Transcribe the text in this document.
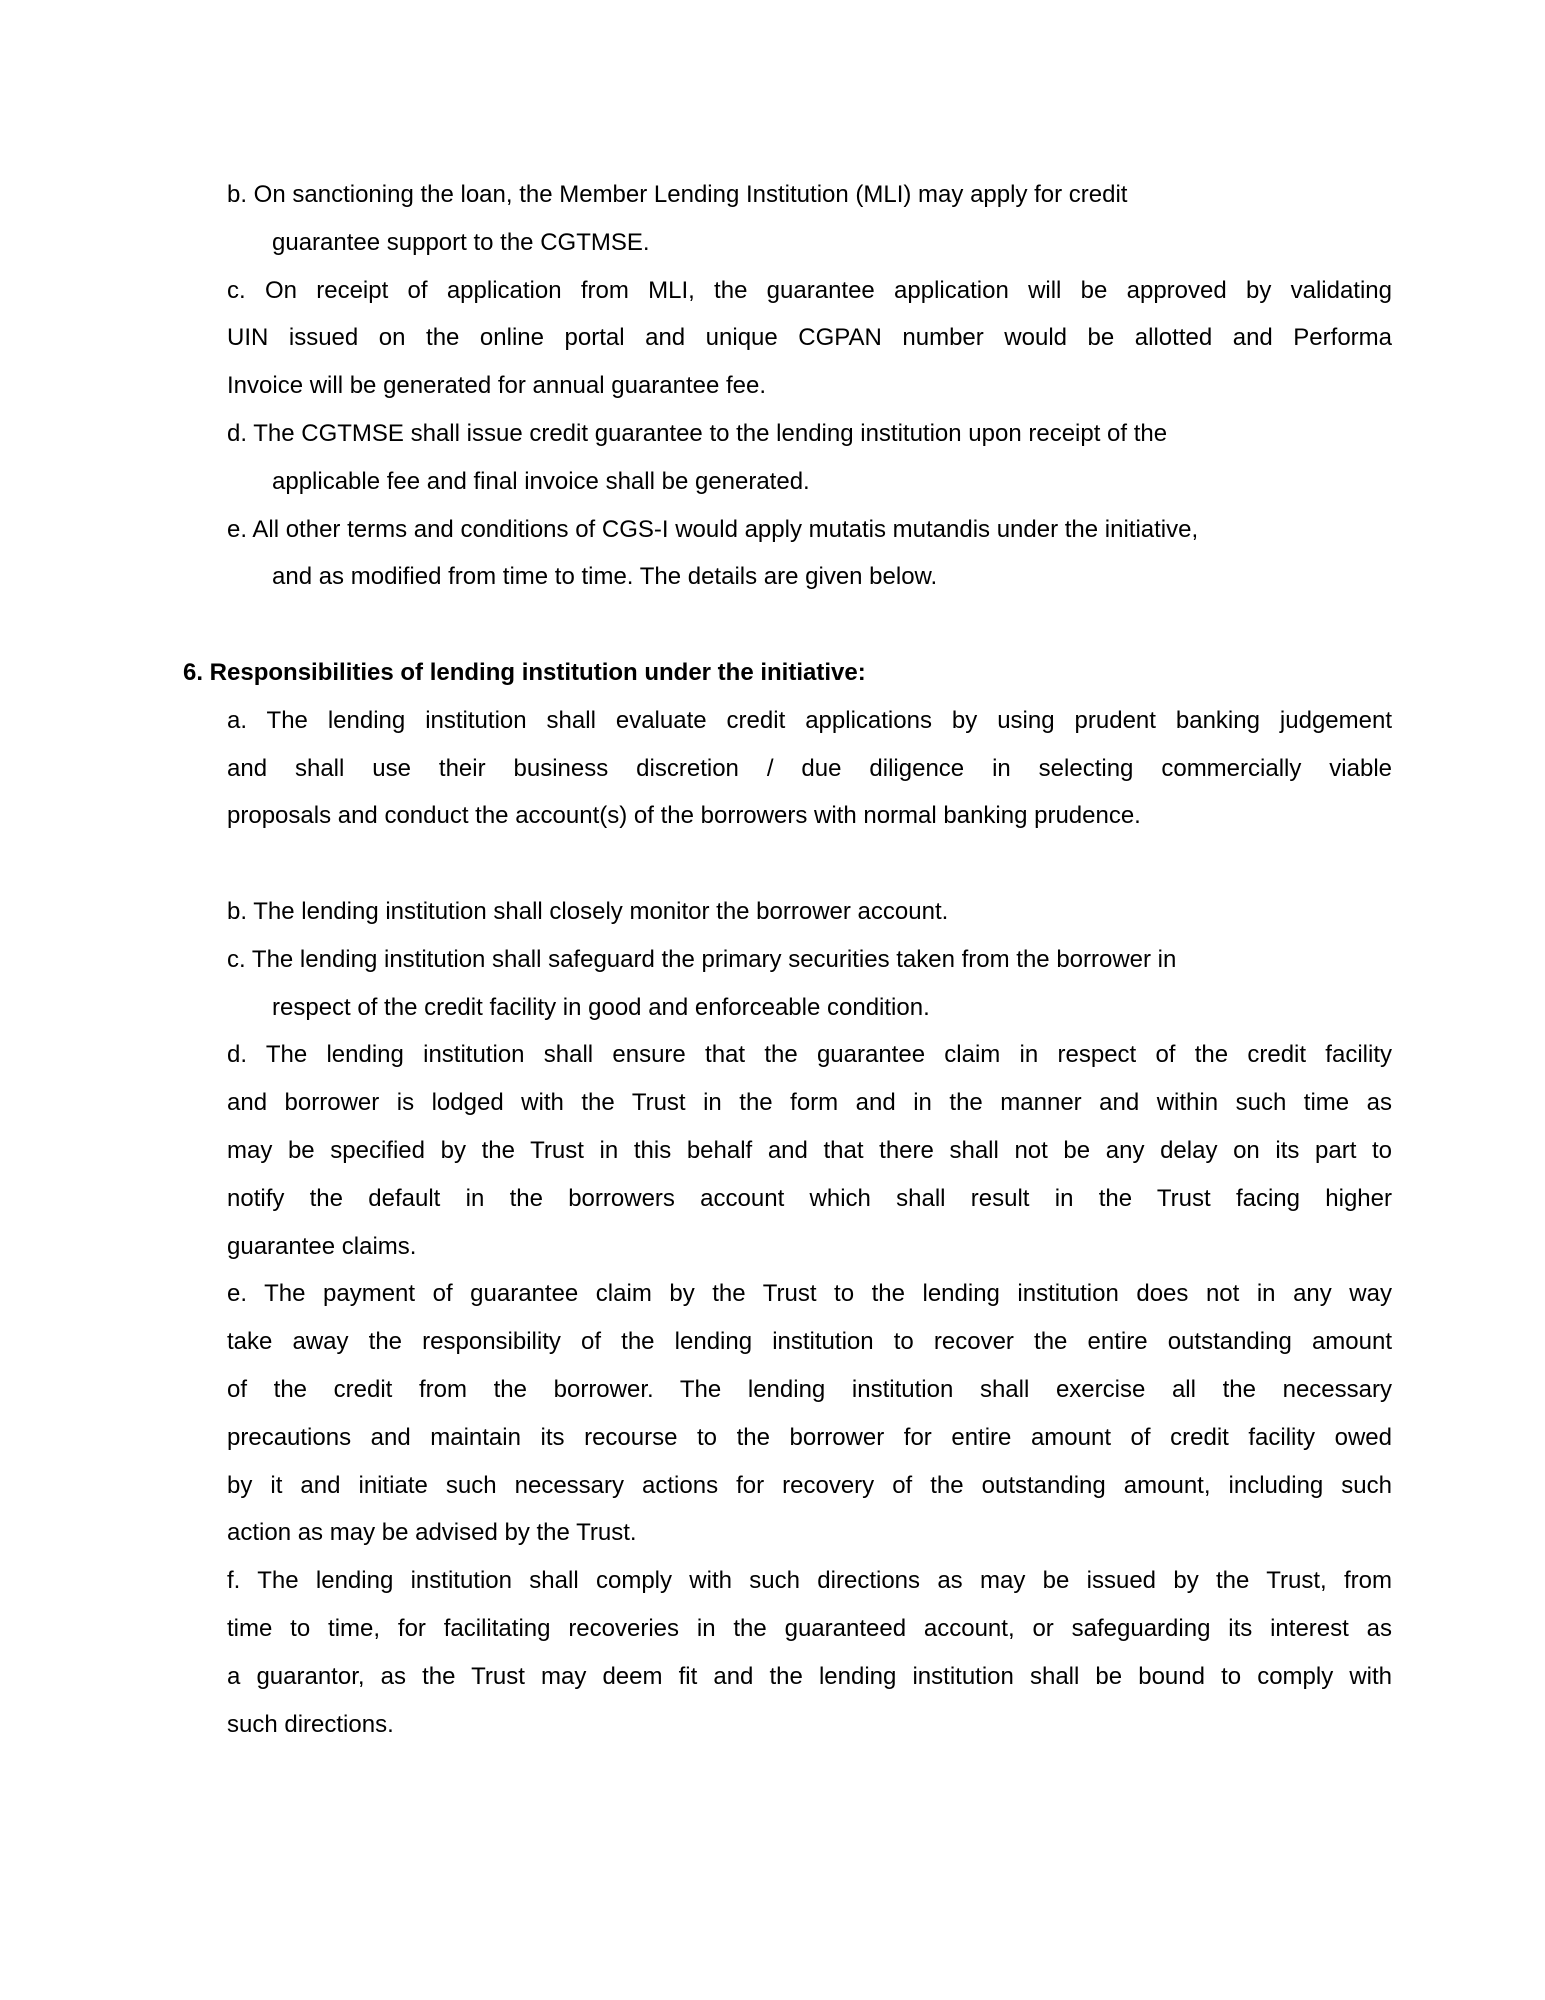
b. On sanctioning the loan, the Member Lending Institution (MLI) may apply for credit
guarantee support to the CGTMSE.
c. On receipt of application from MLI, the guarantee application will be approved by validating
UIN issued on the online portal and unique CGPAN number would be allotted and Performa
Invoice will be generated for annual guarantee fee.
d. The CGTMSE shall issue credit guarantee to the lending institution upon receipt of the
applicable fee and final invoice shall be generated.
e. All other terms and conditions of CGS-I would apply mutatis mutandis under the initiative,
and as modified from time to time. The details are given below.
6. Responsibilities of lending institution under the initiative:
a. The lending institution shall evaluate credit applications by using prudent banking judgement
and shall use their business discretion / due diligence in selecting commercially viable
proposals and conduct the account(s) of the borrowers with normal banking prudence.
b. The lending institution shall closely monitor the borrower account.
c. The lending institution shall safeguard the primary securities taken from the borrower in
respect of the credit facility in good and enforceable condition.
d. The lending institution shall ensure that the guarantee claim in respect of the credit facility
and borrower is lodged with the Trust in the form and in the manner and within such time as
may be specified by the Trust in this behalf and that there shall not be any delay on its part to
notify the default in the borrowers account which shall result in the Trust facing higher
guarantee claims.
e. The payment of guarantee claim by the Trust to the lending institution does not in any way
take away the responsibility of the lending institution to recover the entire outstanding amount
of the credit from the borrower. The lending institution shall exercise all the necessary
precautions and maintain its recourse to the borrower for entire amount of credit facility owed
by it and initiate such necessary actions for recovery of the outstanding amount, including such
action as may be advised by the Trust.
f. The lending institution shall comply with such directions as may be issued by the Trust, from
time to time, for facilitating recoveries in the guaranteed account, or safeguarding its interest as
a guarantor, as the Trust may deem fit and the lending institution shall be bound to comply with
such directions.
